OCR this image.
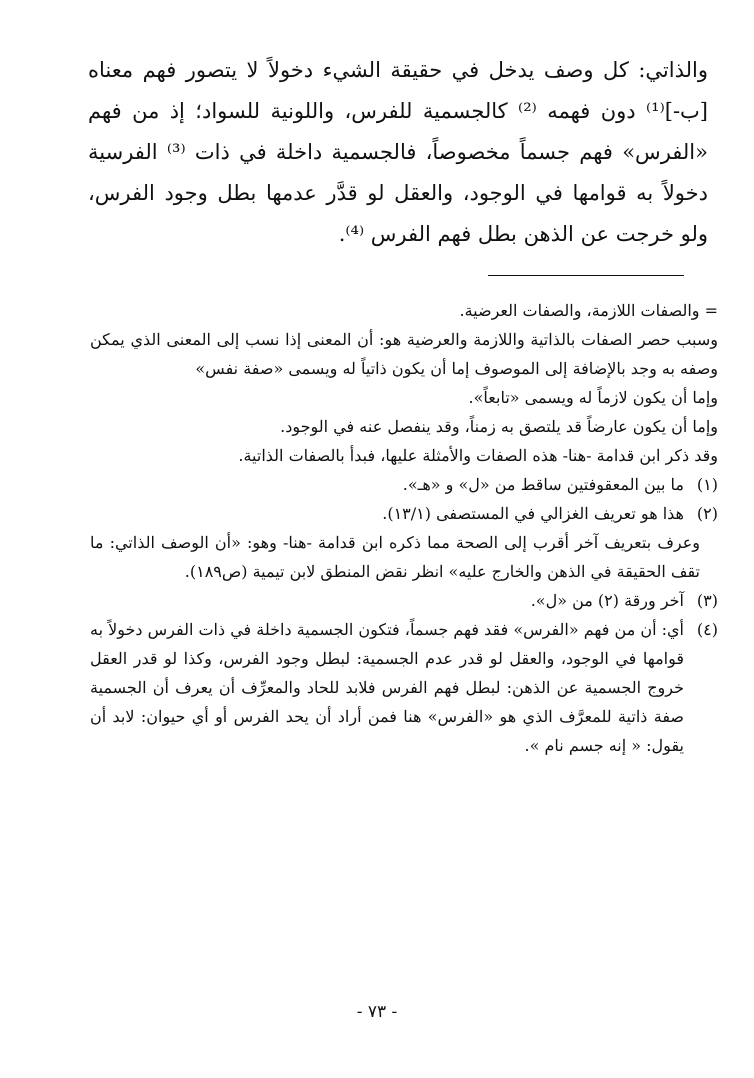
والذاتي: كل وصف يدخل في حقيقة الشيء دخولاً لا يتصور فهم معناه [ب-]⁽¹⁾ دون فهمه ⁽²⁾ كالجسمية للفرس، واللونية للسواد؛ إذ من فهم «الفرس» فهم جسماً مخصوصاً، فالجسمية داخلة في ذات ⁽³⁾ الفرسية دخولاً به قوامها في الوجود، والعقل لو قدَّر عدمها بطل وجود الفرس، ولو خرجت عن الذهن بطل فهم الفرس ⁽⁴⁾.

= والصفات اللازمة، والصفات العرضية.

وسبب حصر الصفات بالذاتية واللازمة والعرضية هو: أن المعنى إذا نسب إلى المعنى الذي يمكن وصفه به وجد بالإضافة إلى الموصوف إما أن يكون ذاتياً له ويسمى «صفة نفس»

وإما أن يكون لازماً له ويسمى «تابعاً».

وإما أن يكون عارضاً قد يلتصق به زمناً، وقد ينفصل عنه في الوجود.

وقد ذكر ابن قدامة -هنا- هذه الصفات والأمثلة عليها، فبدأ بالصفات الذاتية.

(١)

ما بين المعقوفتين ساقط من «ل» و «هـ».

(٢)

هذا هو تعريف الغزالي في المستصفى (١٣/١).

وعرف بتعريف آخر أقرب إلى الصحة مما ذكره ابن قدامة -هنا- وهو: «أن الوصف الذاتي: ما تقف الحقيقة في الذهن والخارج عليه» انظر نقض المنطق لابن تيمية (ص١٨٩).

(٣)

آخر ورقة (٢) من «ل».

(٤)

أي: أن من فهم «الفرس» فقد فهم جسماً، فتكون الجسمية داخلة في ذات الفرس دخولاً به قوامها في الوجود، والعقل لو قدر عدم الجسمية: لبطل وجود الفرس، وكذا لو قدر العقل خروج الجسمية عن الذهن: لبطل فهم الفرس فلابد للحاد والمعرِّف أن يعرف أن الجسمية صفة ذاتية للمعرَّف الذي هو «الفرس» هنا فمن أراد أن يحد الفرس أو أي حيوان: لابد أن يقول: « إنه جسم نام ».

- ٧٣ -
